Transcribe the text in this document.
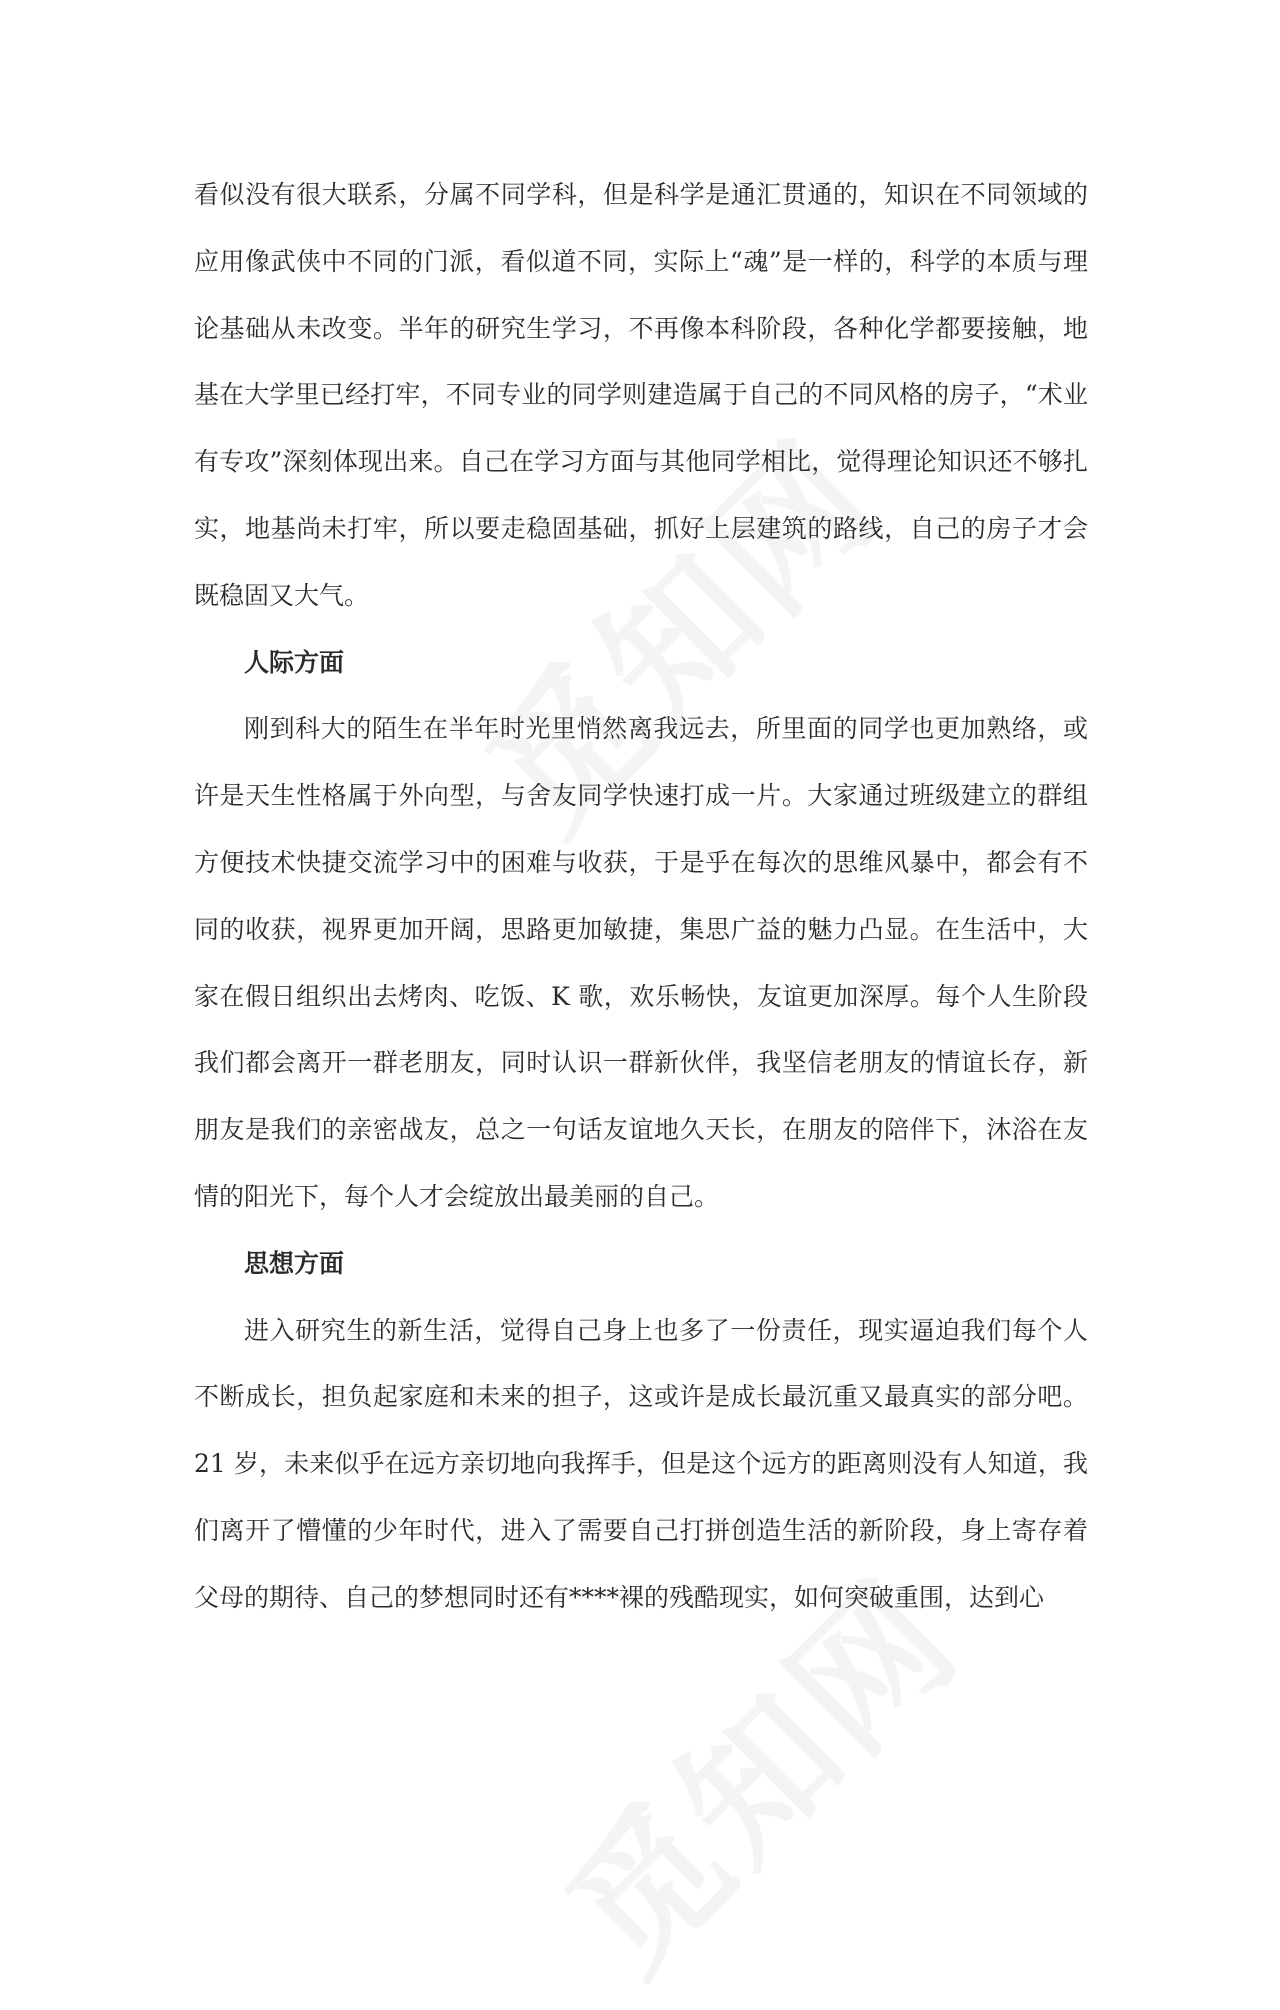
看似没有很大联系，分属不同学科，但是科学是通汇贯通的，知识在不同领域的应用像武侠中不同的门派，看似道不同，实际上“魂”是一样的，科学的本质与理论基础从未改变。半年的研究生学习，不再像本科阶段，各种化学都要接触，地基在大学里已经打牢，不同专业的同学则建造属于自己的不同风格的房子，“术业有专攻”深刻体现出来。自己在学习方面与其他同学相比，觉得理论知识还不够扎实，地基尚未打牢，所以要走稳固基础，抓好上层建筑的路线，自己的房子才会既稳固又大气。

人际方面

刚到科大的陌生在半年时光里悄然离我远去，所里面的同学也更加熟络，或许是天生性格属于外向型，与舍友同学快速打成一片。大家通过班级建立的群组方便技术快捷交流学习中的困难与收获，于是乎在每次的思维风暴中，都会有不同的收获，视界更加开阔，思路更加敏捷，集思广益的魅力凸显。在生活中，大家在假日组织出去烤肉、吃饭、K 歌，欢乐畅快，友谊更加深厚。每个人生阶段我们都会离开一群老朋友，同时认识一群新伙伴，我坚信老朋友的情谊长存，新朋友是我们的亲密战友，总之一句话友谊地久天长，在朋友的陪伴下，沐浴在友情的阳光下，每个人才会绽放出最美丽的自己。

思想方面

进入研究生的新生活，觉得自己身上也多了一份责任，现实逼迫我们每个人不断成长，担负起家庭和未来的担子，这或许是成长最沉重又最真实的部分吧。21 岁，未来似乎在远方亲切地向我挥手，但是这个远方的距离则没有人知道，我们离开了懵懂的少年时代，进入了需要自己打拼创造生活的新阶段，身上寄存着父母的期待、自己的梦想同时还有****裸的残酷现实，如何突破重围，达到心
